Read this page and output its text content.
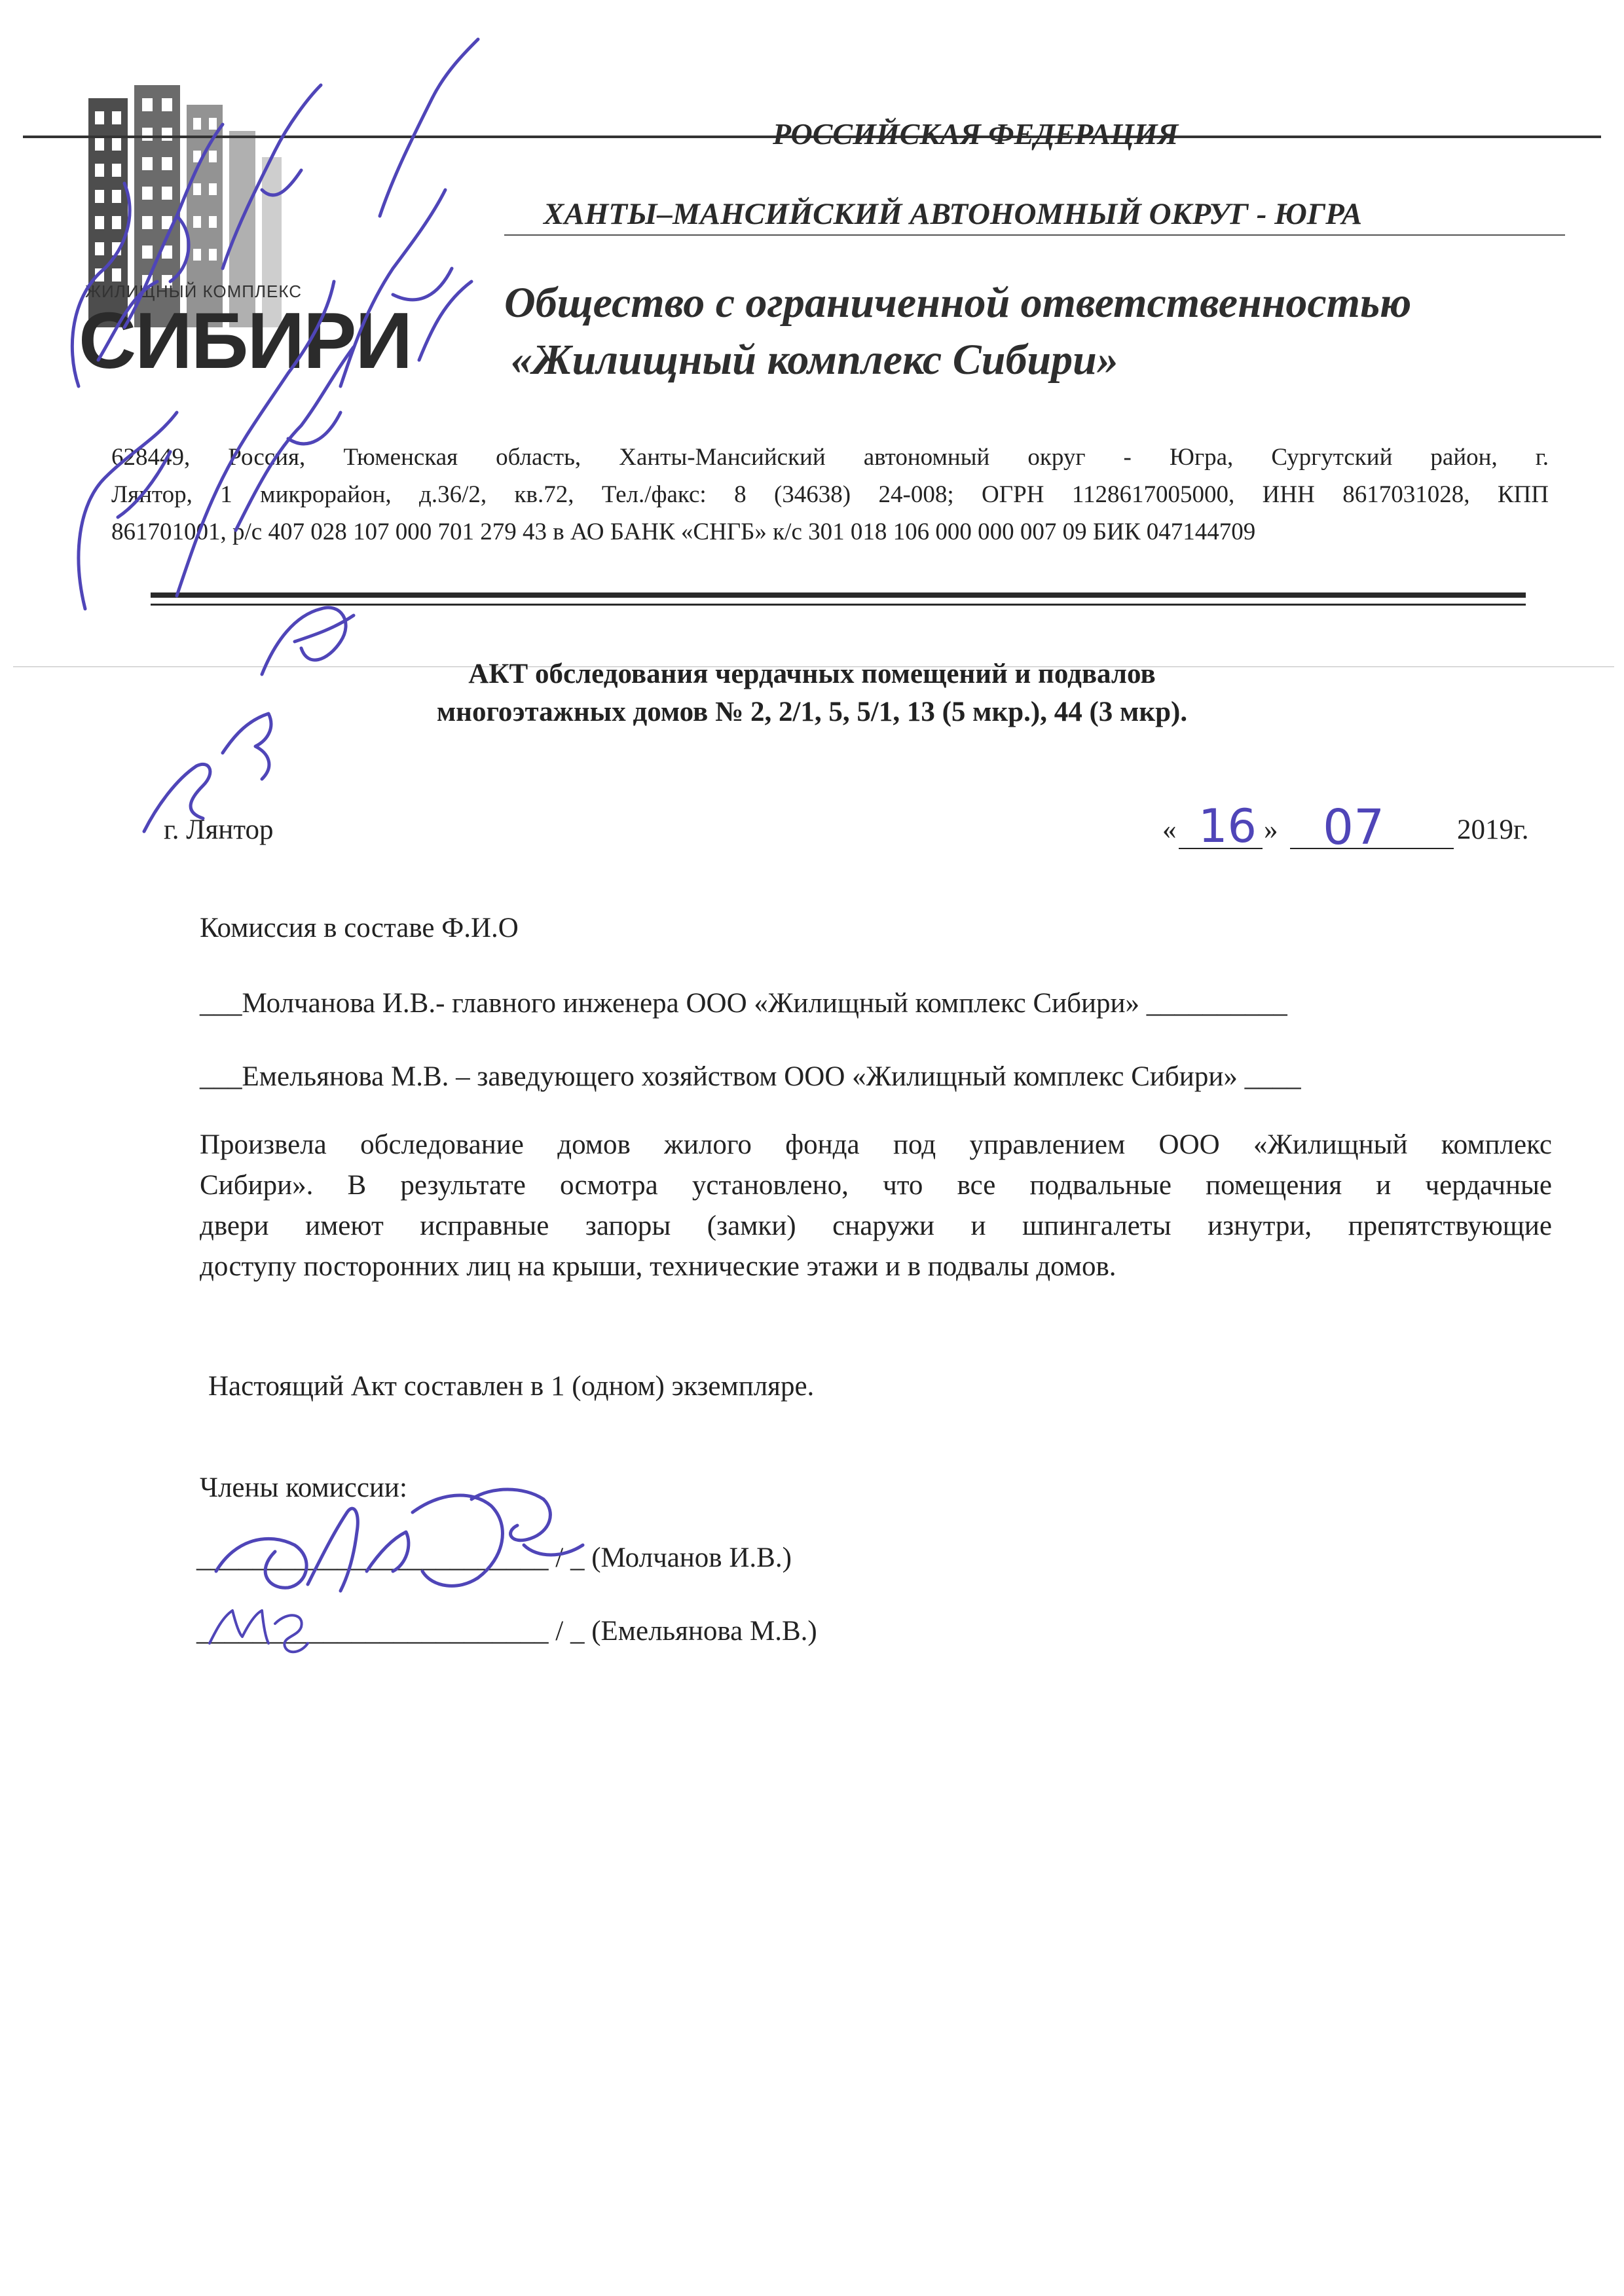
ЖИЛИЩНЫЙ КОМПЛЕКС
СИБИРИ
РОССИЙСКАЯ ФЕДЕРАЦИЯ
ХАНТЫ–МАНСИЙСКИЙ АВТОНОМНЫЙ ОКРУГ - ЮГРА
Общество с ограниченной ответственностью
«Жилищный комплекс Сибири»
628449, Россия, Тюменская область, Ханты-Мансийский автономный округ - Югра, Сургутский район, г.
Лянтор, 1 микрорайон, д.36/2, кв.72, Тел./факс: 8 (34638) 24-008; ОГРН 1128617005000, ИНН 8617031028, КПП
861701001, р/с 407 028 107 000 701 279 43 в АО БАНК «СНГБ» к/с 301 018 106 000 000 007 09 БИК 047144709
АКТ обследования чердачных помещений и подвалов
многоэтажных домов № 2, 2/1, 5, 5/1, 13 (5 мкр.), 44 (3 мкр).
г. Лянтор	« 16 » 07	2019г.
Комиссия в составе Ф.И.О
___Молчанова И.В.- главного инженера ООО «Жилищный комплекс Сибири» __________
___Емельянова М.В. – заведующего хозяйством ООО «Жилищный комплекс Сибири» ____
Произвела обследование домов жилого фонда под управлением ООО «Жилищный комплекс
Сибири». В результате осмотра установлено, что все подвальные помещения и чердачные
двери имеют исправные запоры (замки) снаружи и шпингалеты изнутри, препятствующие
доступу посторонних лиц на крыши, технические этажи и в подвалы домов.
Настоящий Акт составлен в 1 (одном) экземпляре.
Члены комиссии:
_________________________ / _ (Молчанов И.В.)
_________________________ / _ (Емельянова М.В.)
